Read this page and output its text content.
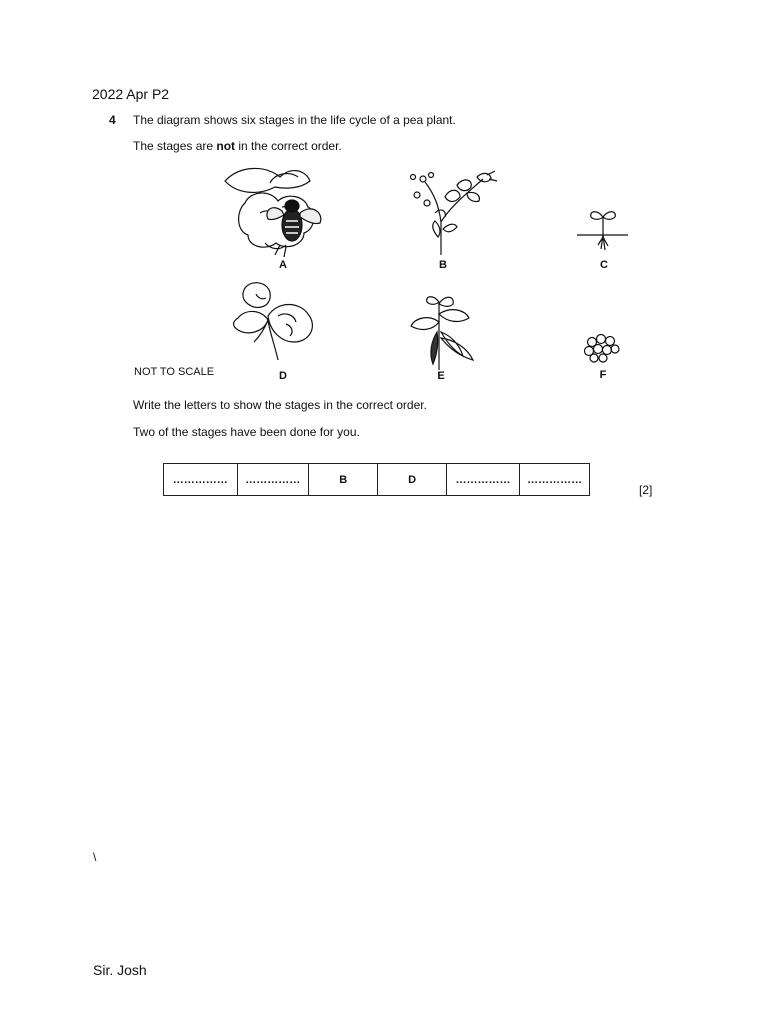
2022 Apr P2
4 The diagram shows six stages in the life cycle of a pea plant.
The stages are not in the correct order.
A	B	C
D	E	F
NOT TO SCALE
Write the letters to show the stages in the correct order.
Two of the stages have been done for you.
……………	……………	B	D	……………	……………
[2]
\
Sir. Josh
